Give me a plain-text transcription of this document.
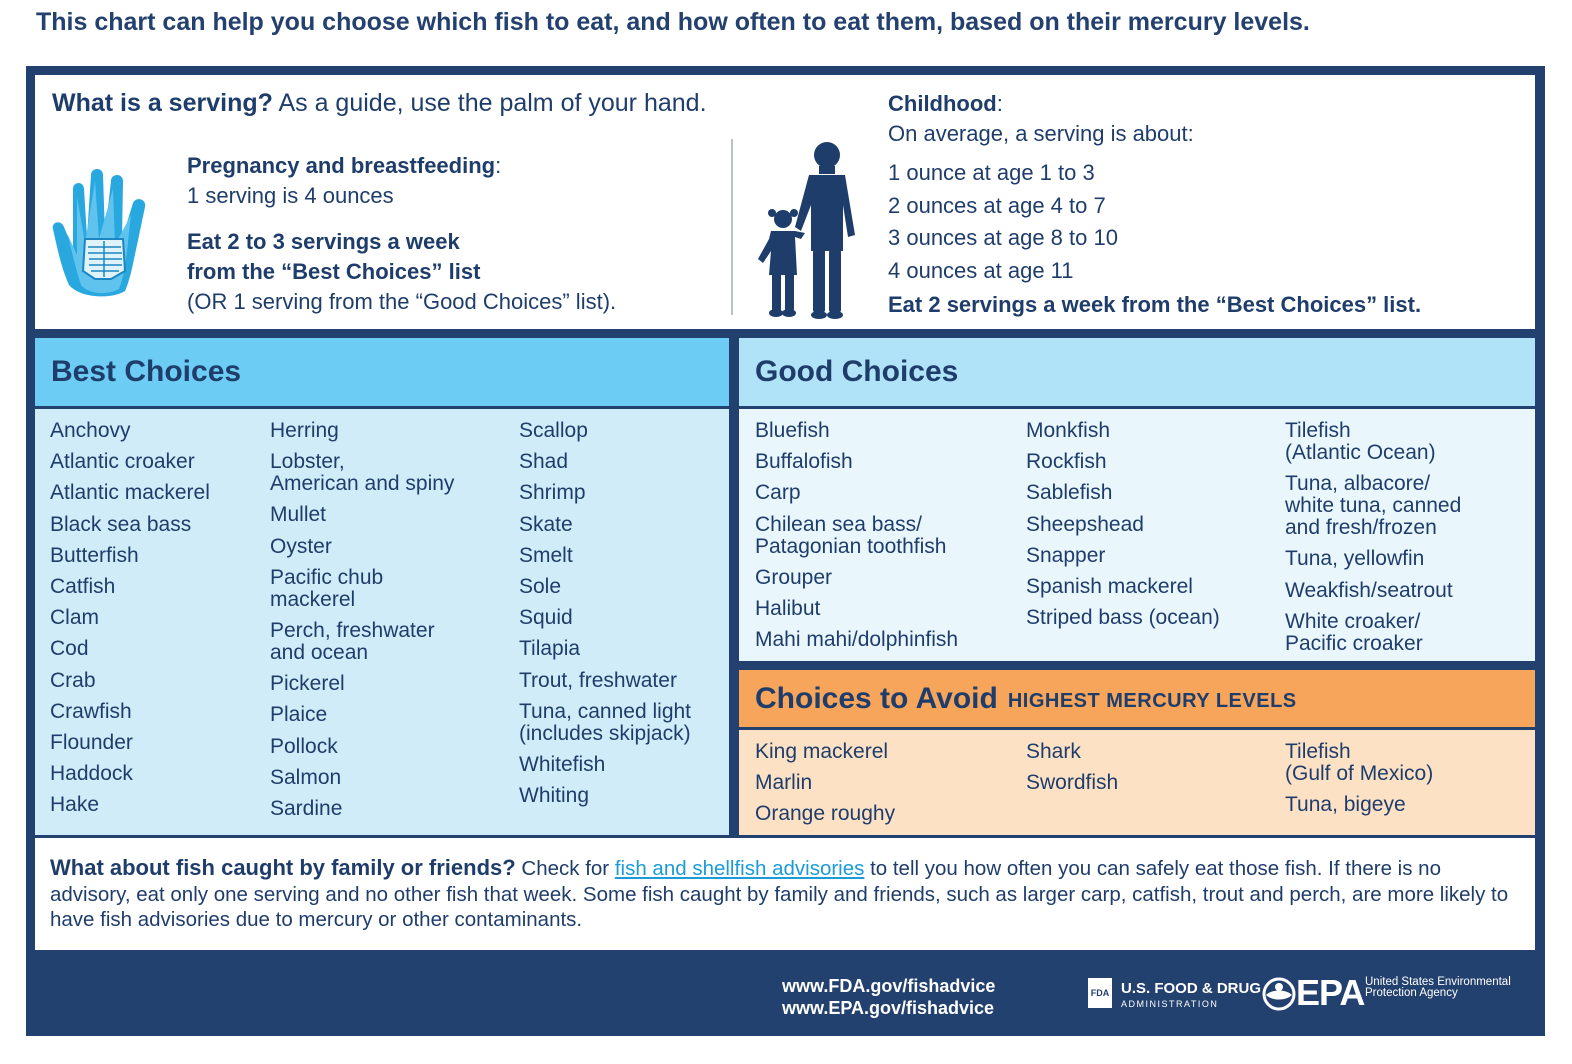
This chart can help you choose which fish to eat, and how often to eat them, based on their mercury levels.
What is a serving? As a guide, use the palm of your hand.
Pregnancy and breastfeeding:
1 serving is 4 ounces
Eat 2 to 3 servings a week
from the “Best Choices” list
(OR 1 serving from the “Good Choices” list).
Childhood:
On average, a serving is about:
1 ounce at age 1 to 3
2 ounces at age 4 to 7
3 ounces at age 8 to 10
4 ounces at age 11
Eat 2 servings a week from the “Best Choices” list.
Best Choices
Anchovy
Atlantic croaker
Atlantic mackerel
Black sea bass
Butterfish
Catfish
Clam
Cod
Crab
Crawfish
Flounder
Haddock
Hake
Herring
Lobster,
American and spiny
Mullet
Oyster
Pacific chub
mackerel
Perch, freshwater
and ocean
Pickerel
Plaice
Pollock
Salmon
Sardine
Scallop
Shad
Shrimp
Skate
Smelt
Sole
Squid
Tilapia
Trout, freshwater
Tuna, canned light
(includes skipjack)
Whitefish
Whiting
Good Choices
Bluefish
Buffalofish
Carp
Chilean sea bass/
Patagonian toothfish
Grouper
Halibut
Mahi mahi/dolphinfish
Monkfish
Rockfish
Sablefish
Sheepshead
Snapper
Spanish mackerel
Striped bass (ocean)
Tilefish
(Atlantic Ocean)
Tuna, albacore/
white tuna, canned
and fresh/frozen
Tuna, yellowfin
Weakfish/seatrout
White croaker/
Pacific croaker
Choices to Avoid HIGHEST MERCURY LEVELS
King mackerel
Marlin
Orange roughy
Shark
Swordfish
Tilefish
(Gulf of Mexico)
Tuna, bigeye
What about fish caught by family or friends? Check for fish and shellfish advisories to tell you how often you can safely eat those fish. If there is no advisory, eat only one serving and no other fish that week. Some fish caught by family and friends, such as larger carp, catfish, trout and perch, are more likely to have fish advisories due to mercury or other contaminants.
www.FDA.gov/fishadvice
www.EPA.gov/fishadvice
FDA U.S. FOOD & DRUG
ADMINISTRATION	EPA United States Environmental Protection Agency
